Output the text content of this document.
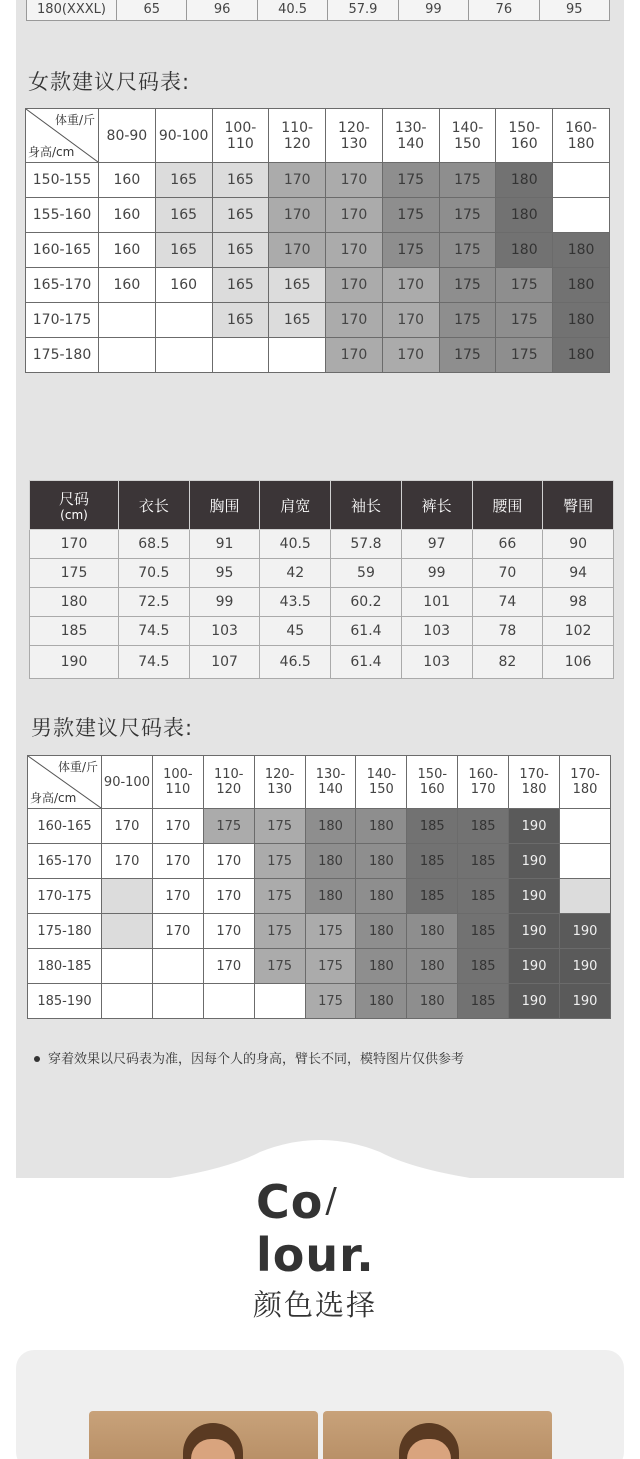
180(XXXL)	65	96	40.5	57.9	99	76	95
女款建议尺码表:
体重/斤
身高/cm	80-90	90-100	100-110	110-120	120-130	130-140	140-150	150-160	160-180
150-155	160	165	165	170	170	175	175	180	
155-160	160	165	165	170	170	175	175	180	
160-165	160	165	165	170	170	175	175	180	180
165-170	160	160	165	165	170	170	175	175	180
170-175			165	165	170	170	175	175	180
175-180					170	170	175	175	180
尺码
(cm)	衣长	胸围	肩宽	袖长	裤长	腰围	臀围
170	68.5	91	40.5	57.8	97	66	90
175	70.5	95	42	59	99	70	94
180	72.5	99	43.5	60.2	101	74	98
185	74.5	103	45	61.4	103	78	102
190	74.5	107	46.5	61.4	103	82	106
男款建议尺码表:
体重/斤
身高/cm	90-100	100-110	110-120	120-130	130-140	140-150	150-160	160-170	170-180	170-180
160-165	170	170	175	175	180	180	185	185	190	
165-170	170	170	170	175	180	180	185	185	190	
170-175		170	170	175	180	180	185	185	190	
175-180		170	170	175	175	180	180	185	190	190
180-185			170	175	175	180	180	185	190	190
185-190					175	180	180	185	190	190
穿着效果以尺码表为准，因每个人的身高，臂长不同，模特图片仅供参考
Co/
lour.
颜色选择
